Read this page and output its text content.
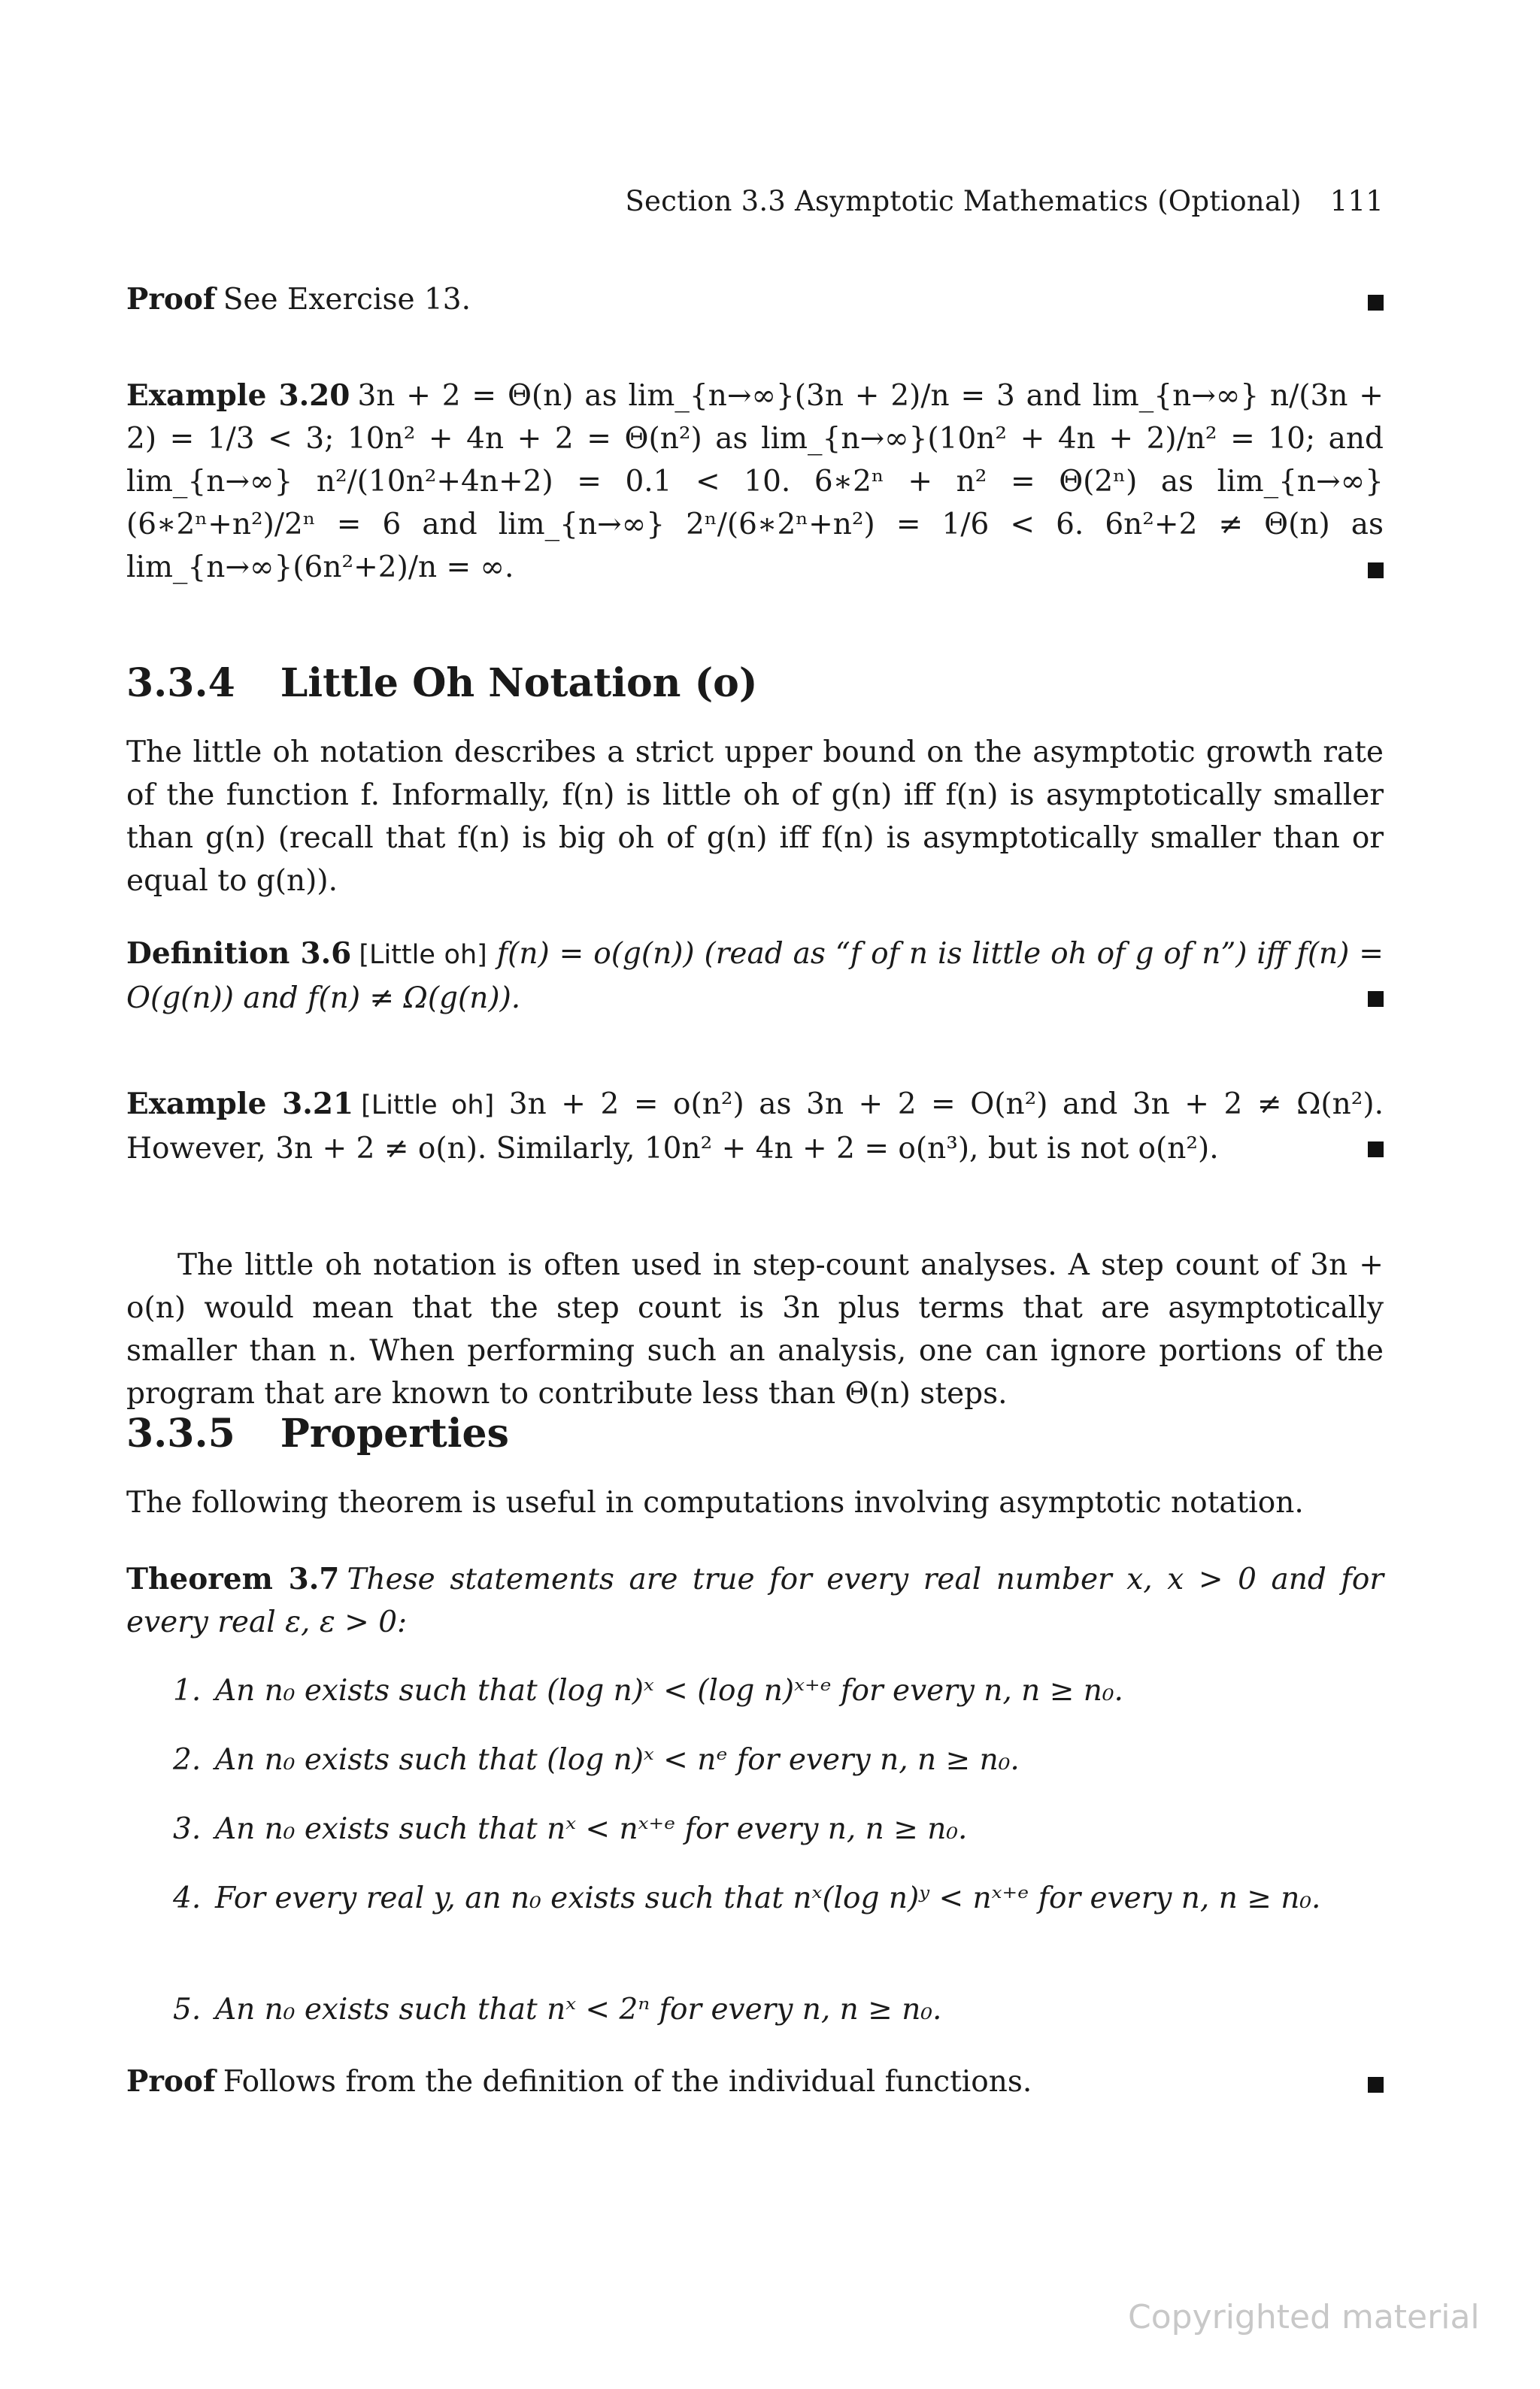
Section 3.3 Asymptotic Mathematics (Optional) 111
Proof See Exercise 13.
Example 3.20 3n + 2 = Θ(n) as lim_{n→∞}(3n + 2)/n = 3 and lim_{n→∞} n/(3n + 2) = 1/3 < 3; 10n² + 4n + 2 = Θ(n²) as lim_{n→∞}(10n² + 4n + 2)/n² = 10; and lim_{n→∞} n²/(10n²+4n+2) = 0.1 < 10. 6∗2ⁿ + n² = Θ(2ⁿ) as lim_{n→∞}(6∗2ⁿ+n²)/2ⁿ = 6 and lim_{n→∞} 2ⁿ/(6∗2ⁿ+n²) = 1/6 < 6. 6n²+2 ≠ Θ(n) as lim_{n→∞}(6n²+2)/n = ∞.
3.3.4 Little Oh Notation (o)
The little oh notation describes a strict upper bound on the asymptotic growth rate of the function f. Informally, f(n) is little oh of g(n) iff f(n) is asymptotically smaller than g(n) (recall that f(n) is big oh of g(n) iff f(n) is asymptotically smaller than or equal to g(n)).
Definition 3.6 [Little oh] f(n) = o(g(n)) (read as “f of n is little oh of g of n”) iff f(n) = O(g(n)) and f(n) ≠ Ω(g(n)).
Example 3.21 [Little oh] 3n + 2 = o(n²) as 3n + 2 = O(n²) and 3n + 2 ≠ Ω(n²). However, 3n + 2 ≠ o(n). Similarly, 10n² + 4n + 2 = o(n³), but is not o(n²).
The little oh notation is often used in step-count analyses. A step count of 3n + o(n) would mean that the step count is 3n plus terms that are asymptotically smaller than n. When performing such an analysis, one can ignore portions of the program that are known to contribute less than Θ(n) steps.
3.3.5 Properties
The following theorem is useful in computations involving asymptotic notation.
Theorem 3.7 These statements are true for every real number x, x > 0 and for every real ε, ε > 0:
1. An n₀ exists such that (log n)ˣ < (log n)ˣ⁺ᵉ for every n, n ≥ n₀.
2. An n₀ exists such that (log n)ˣ < nᵉ for every n, n ≥ n₀.
3. An n₀ exists such that nˣ < nˣ⁺ᵉ for every n, n ≥ n₀.
4. For every real y, an n₀ exists such that nˣ(log n)ʸ < nˣ⁺ᵉ for every n, n ≥ n₀.
5. An n₀ exists such that nˣ < 2ⁿ for every n, n ≥ n₀.
Proof Follows from the definition of the individual functions.
Copyrighted material
